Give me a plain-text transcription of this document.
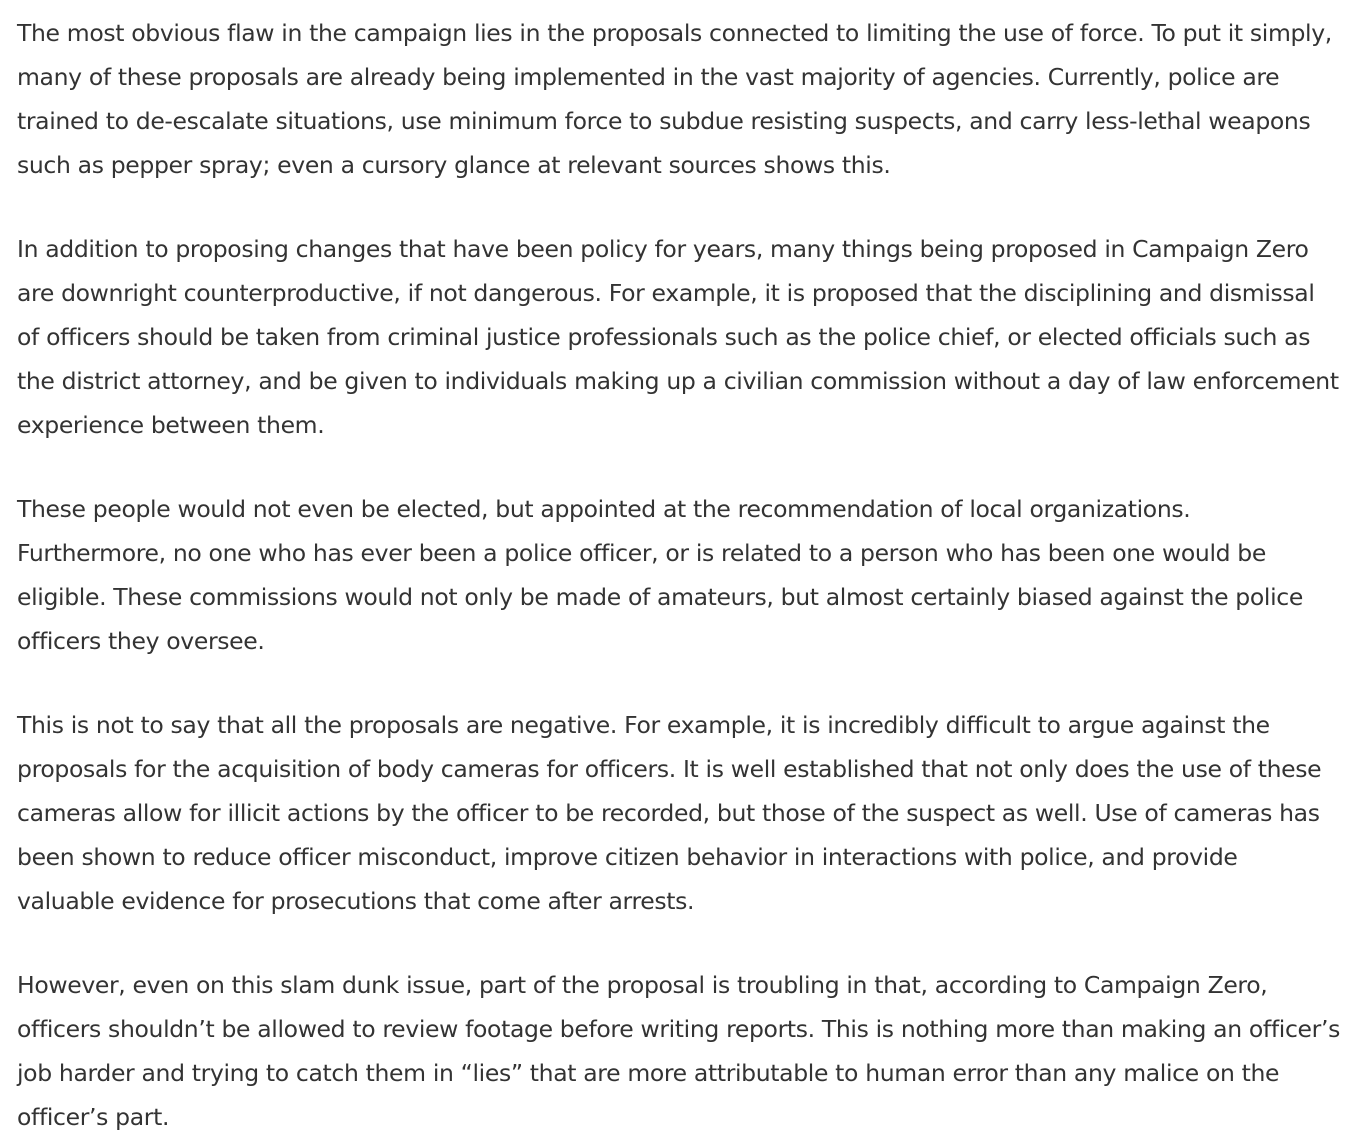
The most obvious flaw in the campaign lies in the proposals connected to limiting the use of force. To put it simply, many of these proposals are already being implemented in the vast majority of agencies. Currently, police are trained to de-escalate situations, use minimum force to subdue resisting suspects, and carry less-lethal weapons such as pepper spray; even a cursory glance at relevant sources shows this.

In addition to proposing changes that have been policy for years, many things being proposed in Campaign Zero are downright counterproductive, if not dangerous. For example, it is proposed that the disciplining and dismissal of officers should be taken from criminal justice professionals such as the police chief, or elected officials such as the district attorney, and be given to individuals making up a civilian commission without a day of law enforcement experience between them.

These people would not even be elected, but appointed at the recommendation of local organizations. Furthermore, no one who has ever been a police officer, or is related to a person who has been one would be eligible. These commissions would not only be made of amateurs, but almost certainly biased against the police officers they oversee.

This is not to say that all the proposals are negative. For example, it is incredibly difficult to argue against the proposals for the acquisition of body cameras for officers. It is well established that not only does the use of these cameras allow for illicit actions by the officer to be recorded, but those of the suspect as well. Use of cameras has been shown to reduce officer misconduct, improve citizen behavior in interactions with police, and provide valuable evidence for prosecutions that come after arrests.

However, even on this slam dunk issue, part of the proposal is troubling in that, according to Campaign Zero, officers shouldn’t be allowed to review footage before writing reports. This is nothing more than making an officer’s job harder and trying to catch them in “lies” that are more attributable to human error than any malice on the officer’s part.
